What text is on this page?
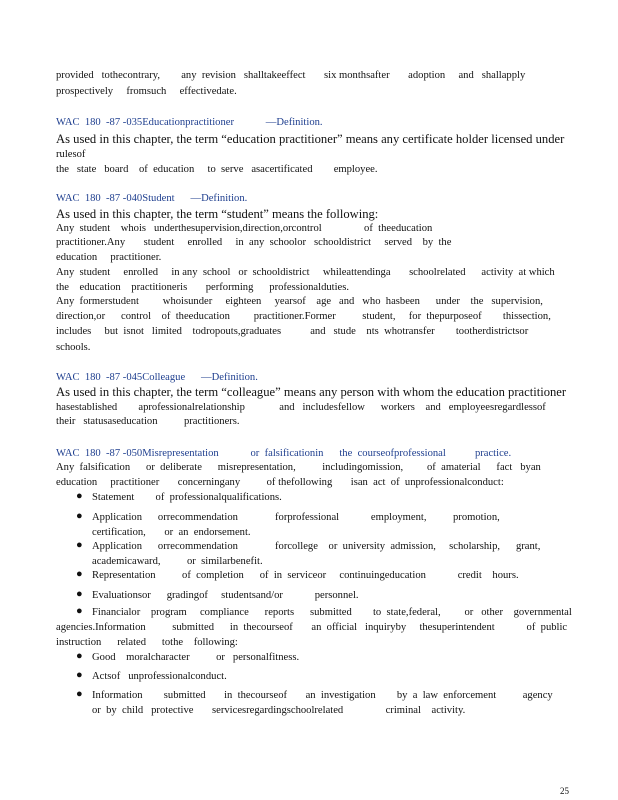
provided   tothecontrary,        any  revision   shalltakeeffect       six monthsafter       adoption     and   shallapply
prospectively     fromsuch     effectivedate.
WAC  180  -87 -035Educationpractitioner            —Definition.
As used in this chapter, the term “education practitioner” means any certificate holder licensed under
rulesof
the   state   board    of  education     to  serve   asacertificated        employee.
WAC  180  -87 -040Student      —Definition.
As used in this chapter, the term “student” means the following:
Any  student    whois   underthesupervision,direction,orcontrol                of  theeducation
practitioner.Any       student     enrolled     in  any  schoolor   schooldistrict     served    by  the
education     practitioner.
Any  student     enrolled     in any  school   or  schooldistrict     whileattendinga       schoolrelated      activity  at which
the    education    practitioneris       performing      professionalduties.
Any  formerstudent         whoisunder     eighteen     yearsof    age   and   who  hasbeen      under    the   supervision,
direction,or      control    of  theeducation         practitioner.Former          student,     for  thepurposeof        thissection,
includes     but  isnot   limited    todropouts,graduates           and   stude    nts  whotransfer        tootherdistrictsor
schools.
WAC  180  -87 -045Colleague      —Definition.
As used in this chapter, the term “colleague” means any person with whom the education practitioner
hasestablished        aprofessionalrelationship             and   includesfellow      workers    and   employeesregardlessof
their   statusaseducation          practitioners.
WAC  180  -87 -050Misrepresentation            or  falsificationin      the  courseofprofessional           practice.
Any  falsification      or  deliberate      misrepresentation,          includingomission,         of  amaterial      fact   byan
education     practitioner       concerningany          of thefollowing       isan  act  of  unprofessionalconduct:

●

Statement        of  professionalqualifications.

●

Application      orrecommendation              forprofessional            employment,          promotion,

certification,       or  an  endorsement.

●

Application      orrecommendation              forcollege    or  university  admission,     scholarship,      grant,

academicaward,          or  similarbenefit.

●

Representation          of  completion      of  in  serviceor     continuingeducation            credit    hours.

●

Evaluationsor      gradingof     studentsand/or            personnel.

●

Financialor    program     compliance      reports      submitted        to  state,federal,         or   other    governmental

agencies.Information          submitted      in  thecourseof       an  official   inquiryby     thesuperintendent            of  public
instruction      related      tothe    following:

●

Good    moralcharacter          or   personalfitness.

●

Actsof   unprofessionalconduct.

●

Information        submitted       in  thecourseof       an  investigation        by  a  law  enforcement          agency

or  by  child   protective       servicesregardingschoolrelated                criminal    activity.

25
